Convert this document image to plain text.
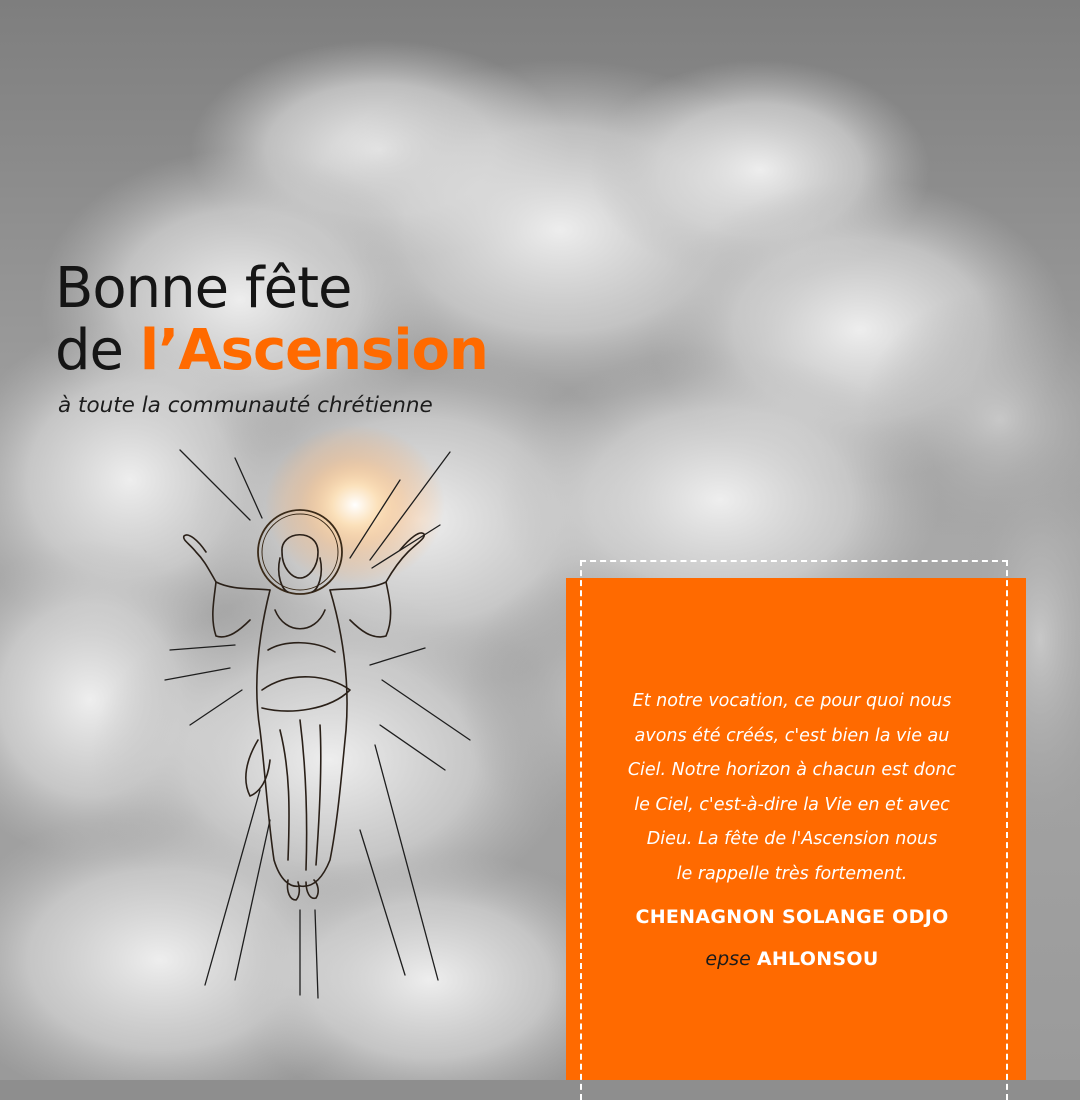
Bonne fête
de l’Ascension
à toute la communauté chrétienne
Et notre vocation, ce pour quoi nous
avons été créés, c'est bien la vie au
Ciel. Notre horizon à chacun est donc
le Ciel, c'est-à-dire la Vie en et avec
Dieu. La fête de l'Ascension nous
le rappelle très fortement.
CHENAGNON SOLANGE ODJO
epse AHLONSOU
